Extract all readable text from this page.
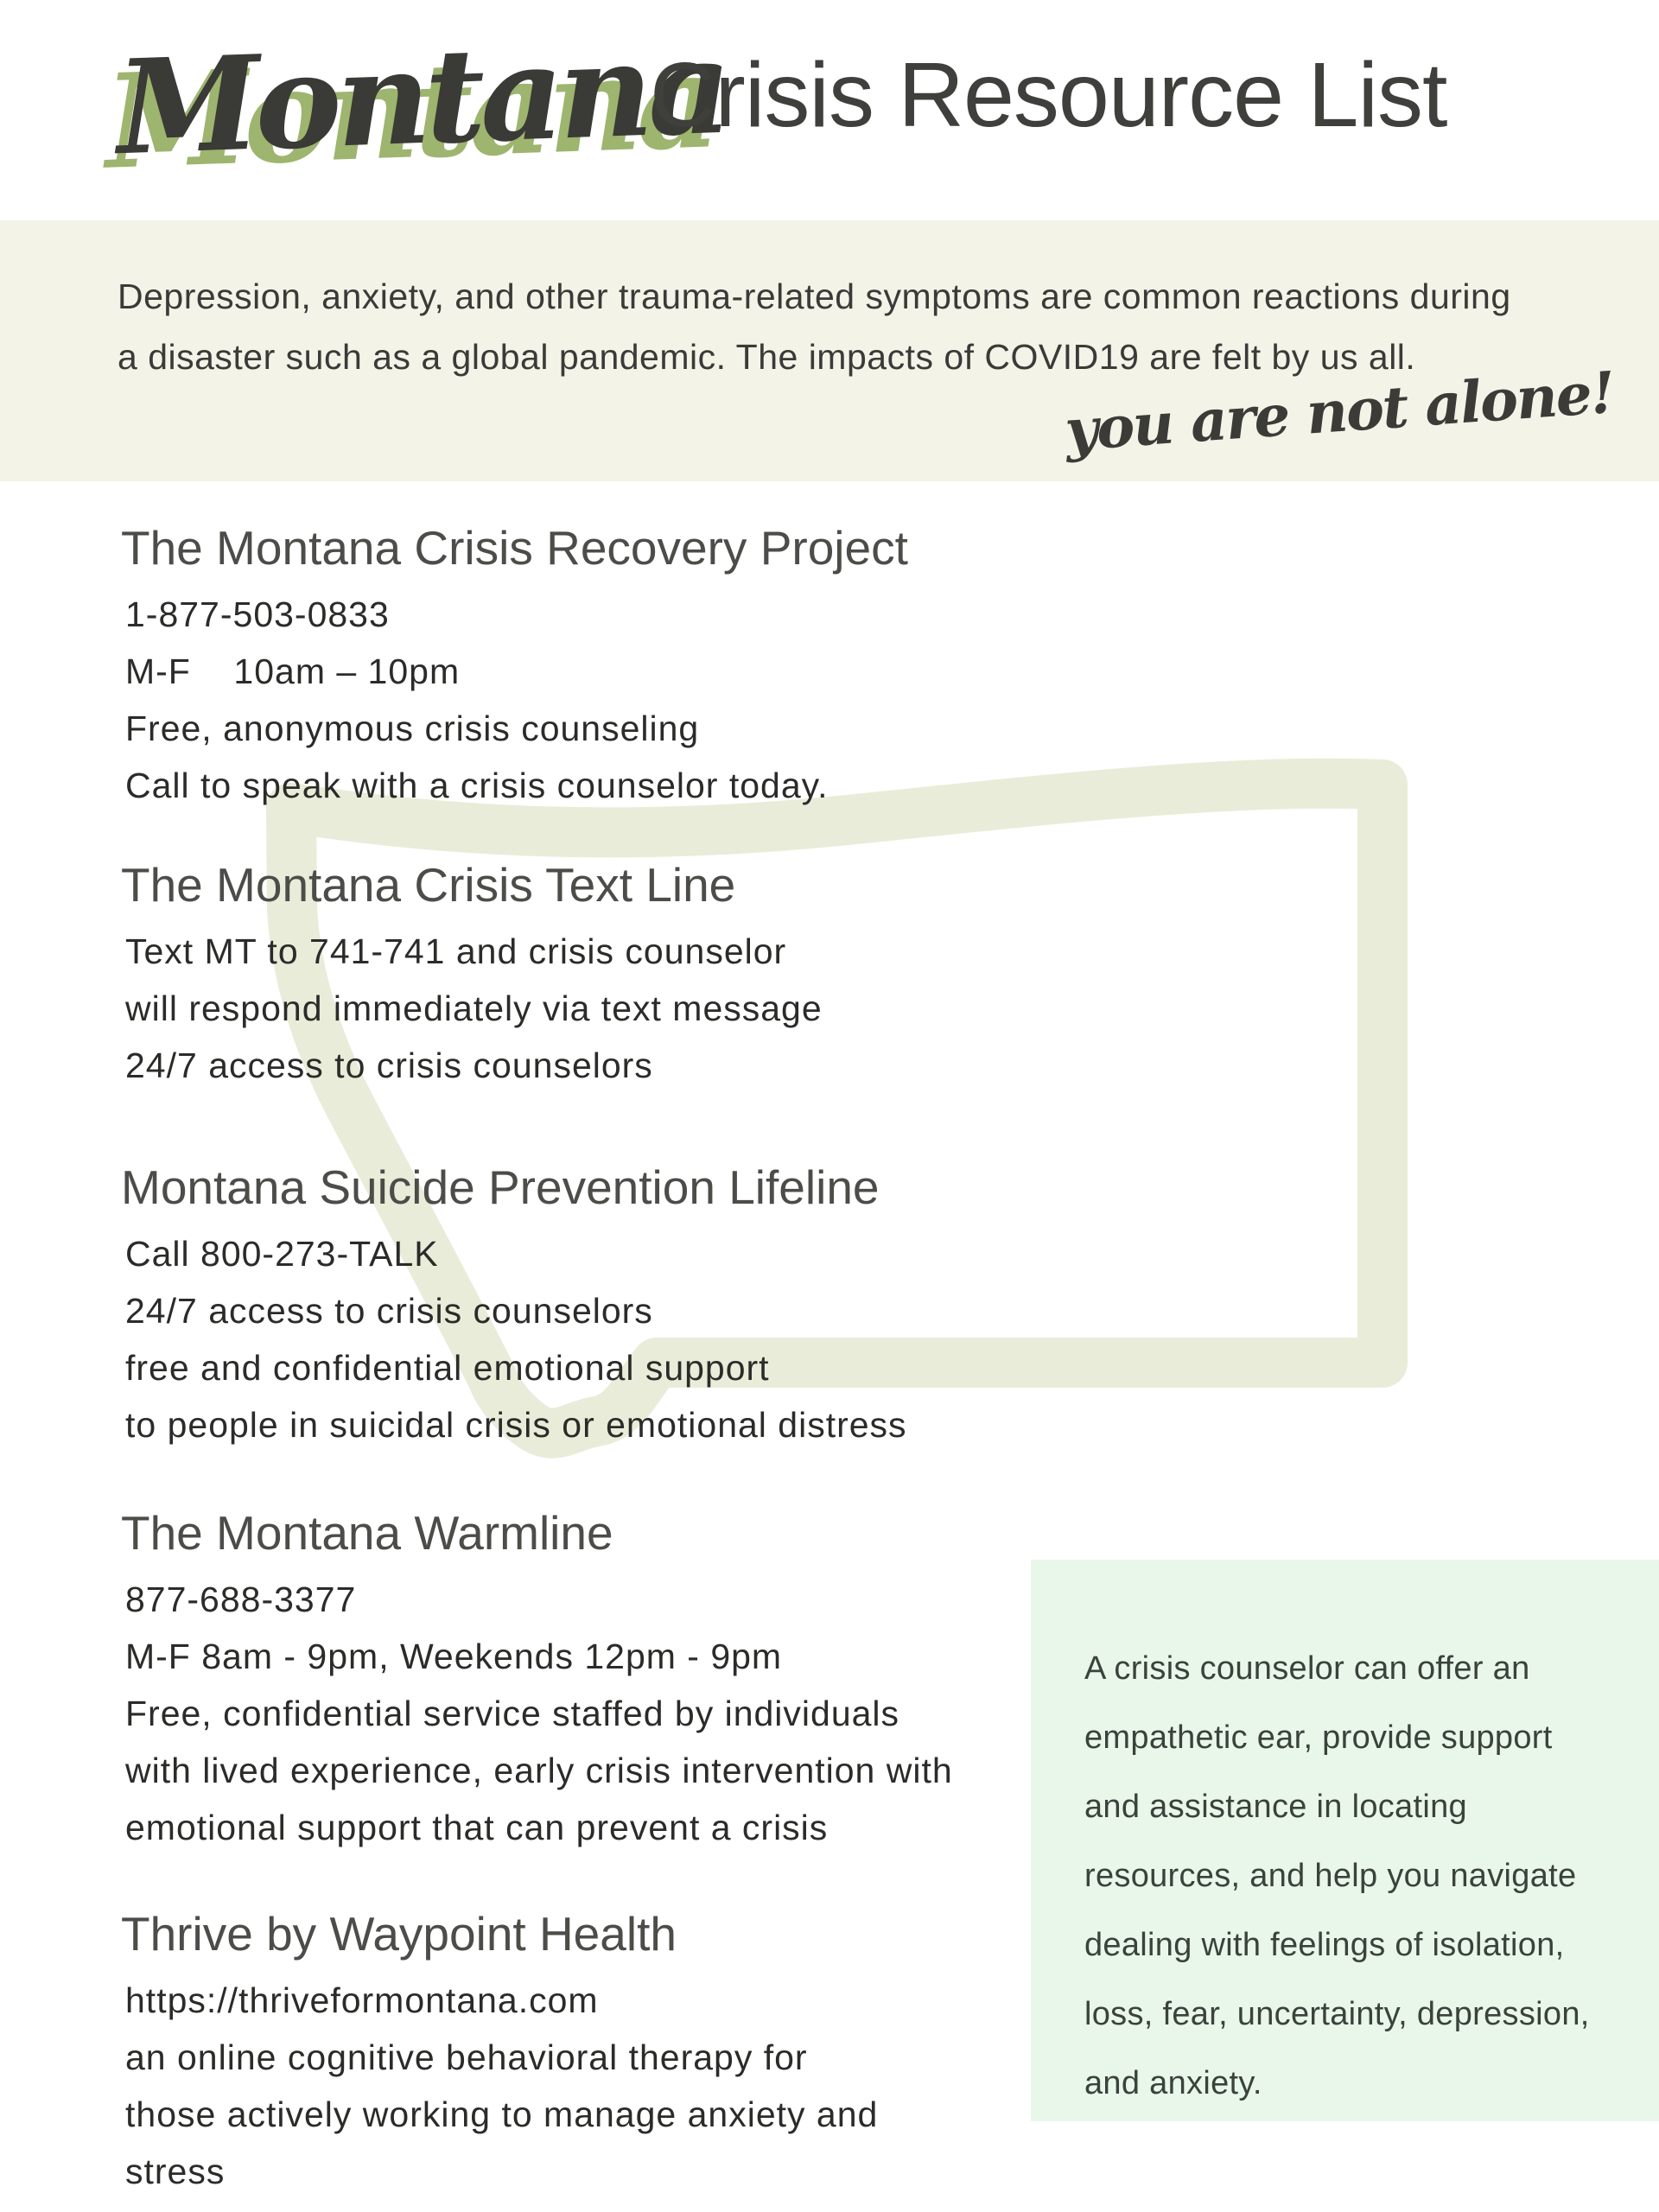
Montana
Crisis Resource List
Depression, anxiety, and other trauma-related symptoms are common reactions during
a disaster such as a global pandemic. The impacts of COVID19 are felt by us all.
you are not alone!
The Montana Crisis Recovery Project
1-877-503-0833
M-F    10am – 10pm
Free, anonymous crisis counseling
Call to speak with a crisis counselor today.
The Montana Crisis Text Line
Text MT to 741-741 and crisis counselor
will respond immediately via text message
24/7 access to crisis counselors
Montana Suicide Prevention Lifeline
Call 800-273-TALK
24/7 access to crisis counselors
free and confidential emotional support
to people in suicidal crisis or emotional distress
The Montana Warmline
877-688-3377
M-F 8am - 9pm, Weekends 12pm - 9pm
Free, confidential service staffed by individuals
with lived experience, early crisis intervention with
emotional support that can prevent a crisis
Thrive by Waypoint Health
https://thriveformontana.com
an online cognitive behavioral therapy for
those actively working to manage anxiety and
stress
A crisis counselor can offer an
empathetic ear, provide support
and assistance in locating
resources, and help you navigate
dealing with feelings of isolation,
loss, fear, uncertainty, depression,
and anxiety.
